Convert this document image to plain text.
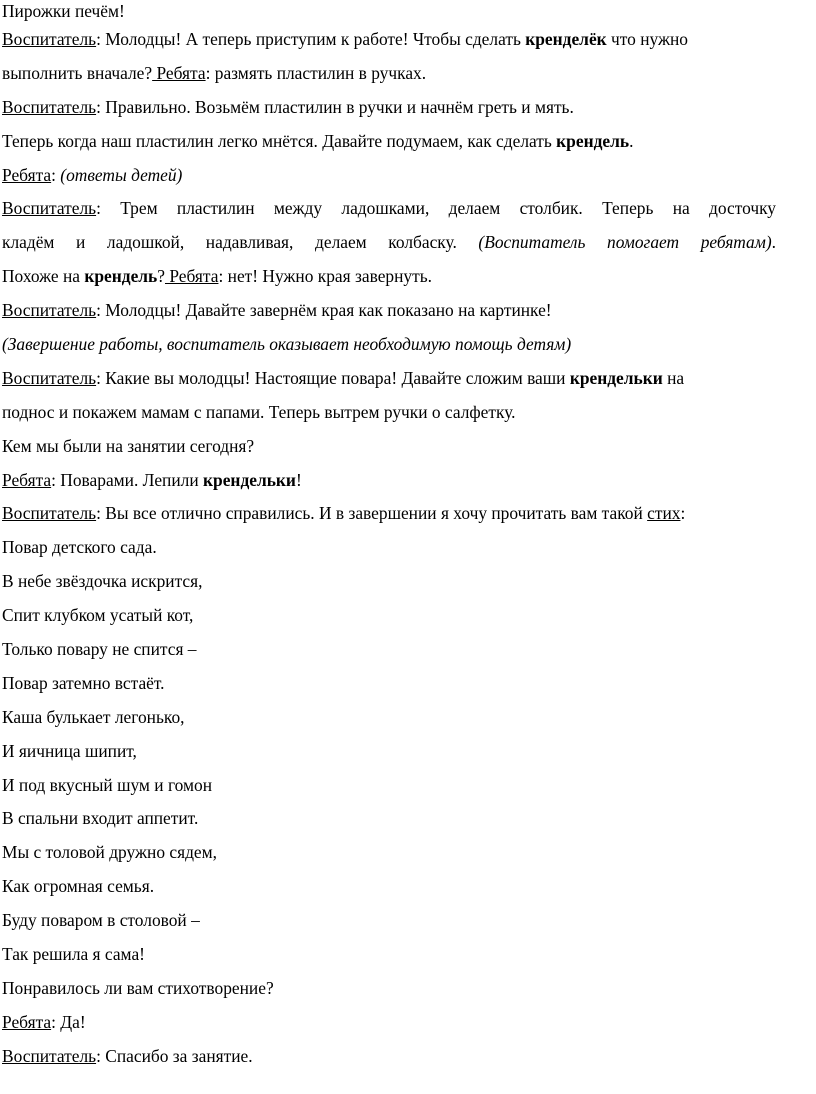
Пирожки печём!
Воспитатель: Молодцы! А теперь приступим к работе! Чтобы сделать кренделёк что нужно
выполнить вначале? Ребята: размять пластилин в ручках.
Воспитатель: Правильно. Возьмём пластилин в ручки и начнём греть и мять.
Теперь когда наш пластилин легко мнётся. Давайте подумаем, как сделать крендель.
Ребята: (ответы детей)
Воспитатель: Трем пластилин между ладошками, делаем столбик. Теперь на досточку
кладём и ладошкой, надавливая, делаем колбаску. (Воспитатель помогает ребятам).
Похоже на крендель? Ребята: нет! Нужно края завернуть.
Воспитатель: Молодцы! Давайте завернём края как показано на картинке!
(Завершение работы, воспитатель оказывает необходимую помощь детям)
Воспитатель: Какие вы молодцы! Настоящие повара! Давайте сложим ваши крендельки на
поднос и покажем мамам с папами. Теперь вытрем ручки о салфетку.
Кем мы были на занятии сегодня?
Ребята: Поварами. Лепили крендельки!
Воспитатель: Вы все отлично справились. И в завершении я хочу прочитать вам такой стих:
Повар детского сада.
В небе звёздочка искрится,
Спит клубком усатый кот,
Только повару не спится –
Повар затемно встаёт.
Каша булькает легонько,
И яичница шипит,
И под вкусный шум и гомон
В спальни входит аппетит.
Мы с толовой дружно сядем,
Как огромная семья.
Буду поваром в столовой –
Так решила я сама!
Понравилось ли вам стихотворение?
Ребята: Да!
Воспитатель: Спасибо за занятие.
